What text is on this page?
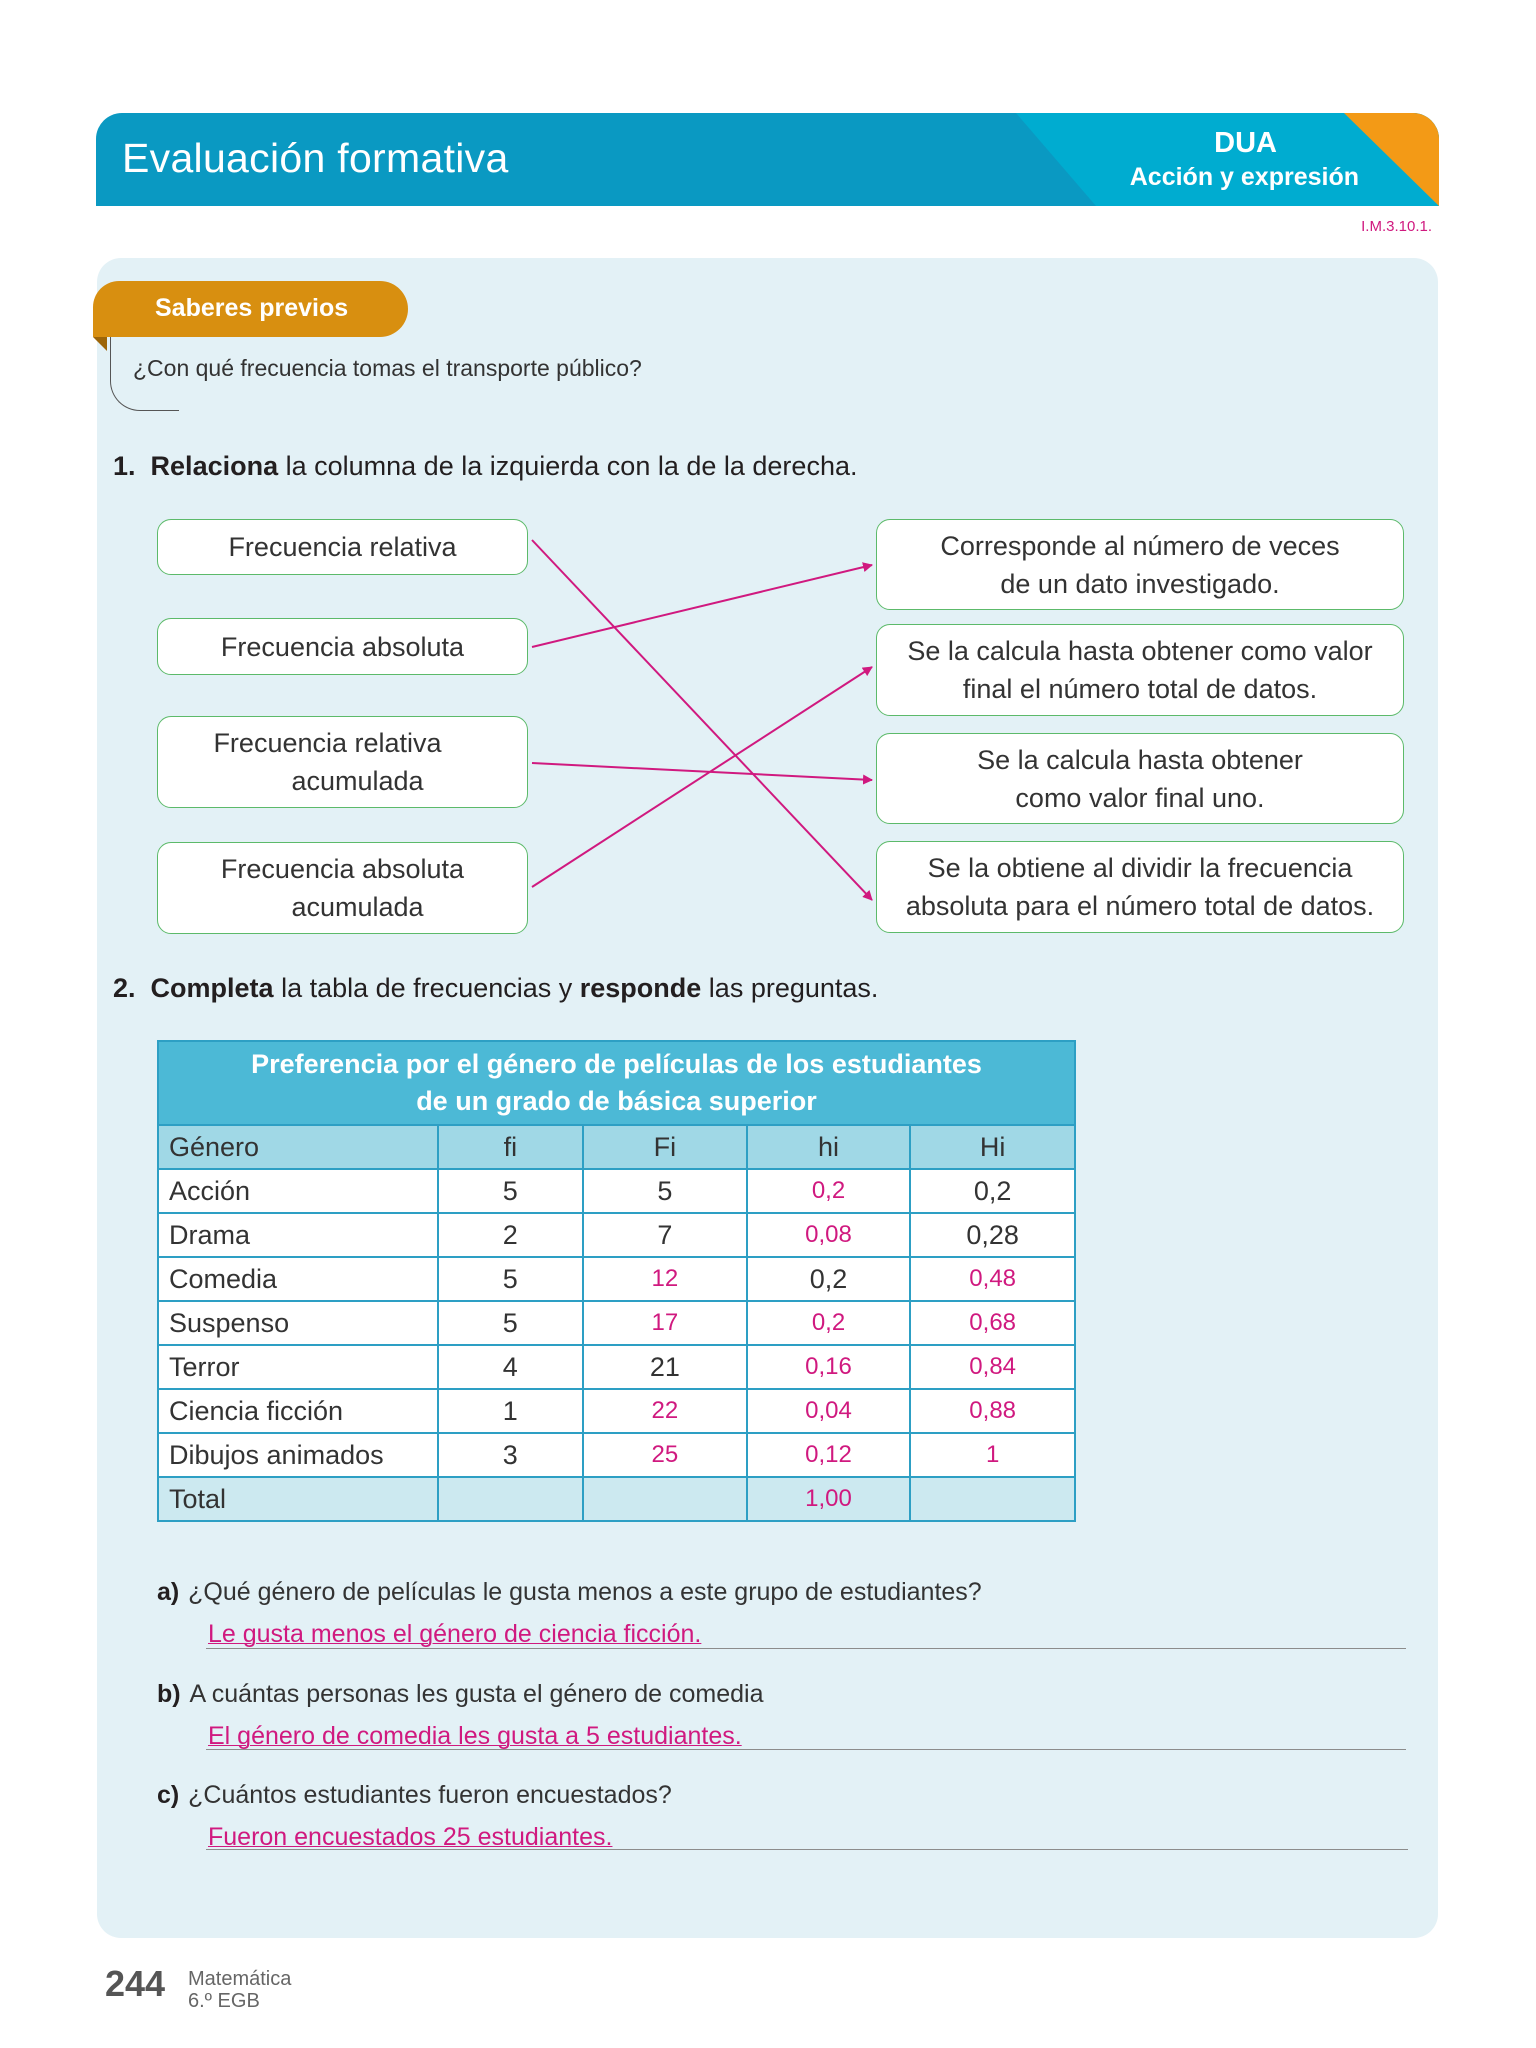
Evaluación formativa	DUA
Acción y expresión
I.M.3.10.1.
Saberes previos
¿Con qué frecuencia tomas el transporte público?
1. Relaciona la columna de la izquierda con la de la derecha.
Frecuencia relativa
Frecuencia absoluta
Frecuencia relativa
acumulada
Frecuencia absoluta
acumulada
Corresponde al número de veces
de un dato investigado.
Se la calcula hasta obtener como valor
final el número total de datos.
Se la calcula hasta obtener
como valor final uno.
Se la obtiene al dividir la frecuencia
absoluta para el número total de datos.
2. Completa la tabla de frecuencias y responde las preguntas.
Preferencia por el género de películas de los estudiantes
de un grado de básica superior				

Género	fi	Fi	hi	Hi
Acción	5	5	0,2	0,2
Drama	2	7	0,08	0,28
Comedia	5	12	0,2	0,48
Suspenso	5	17	0,2	0,68
Terror	4	21	0,16	0,84
Ciencia ficción	1	22	0,04	0,88
Dibujos animados	3	25	0,12	1
Total			1,00	
a) ¿Qué género de películas le gusta menos a este grupo de estudiantes?
Le gusta menos el género de ciencia ficción.
b) A cuántas personas les gusta el género de comedia
El género de comedia les gusta a 5 estudiantes.
c) ¿Cuántos estudiantes fueron encuestados?
Fueron encuestados 25 estudiantes.
244 Matemática
6.º EGB
